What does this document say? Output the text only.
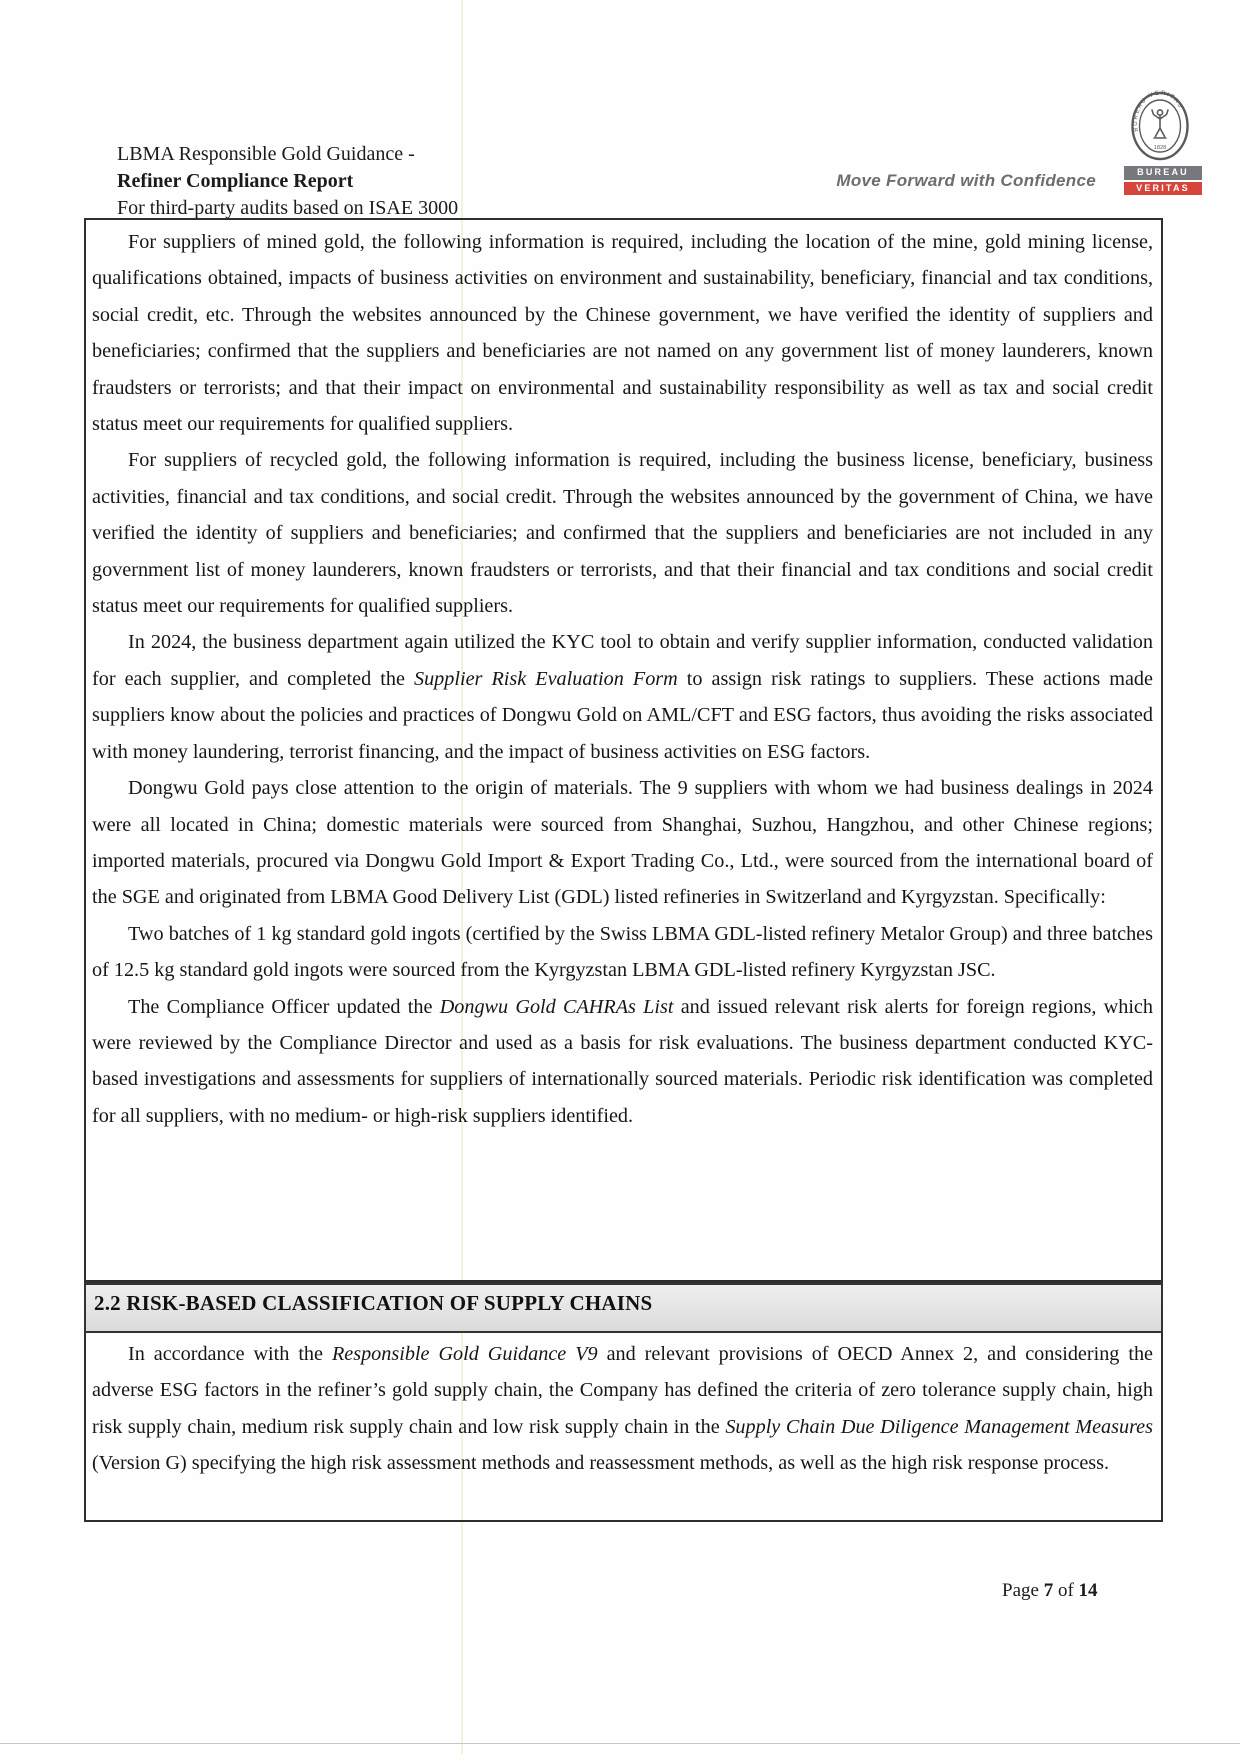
LBMA Responsible Gold Guidance -
Refiner Compliance Report
For third-party audits based on ISAE 3000
Move Forward with Confidence
BUREAU VERITAS
1828
BUREAU
VERITAS

For suppliers of mined gold, the following information is required, including the location of the mine, gold mining license, qualifications obtained, impacts of business activities on environment and sustainability, beneficiary, financial and tax conditions, social credit, etc. Through the websites announced by the Chinese government, we have verified the identity of suppliers and beneficiaries; confirmed that the suppliers and beneficiaries are not named on any government list of money launderers, known fraudsters or terrorists; and that their impact on environmental and sustainability responsibility as well as tax and social credit status meet our requirements for qualified suppliers.

For suppliers of recycled gold, the following information is required, including the business license, beneficiary, business activities, financial and tax conditions, and social credit. Through the websites announced by the government of China, we have verified the identity of suppliers and beneficiaries; and confirmed that the suppliers and beneficiaries are not included in any government list of money launderers, known fraudsters or terrorists, and that their financial and tax conditions and social credit status meet our requirements for qualified suppliers.

In 2024, the business department again utilized the KYC tool to obtain and verify supplier information, conducted validation for each supplier, and completed the Supplier Risk Evaluation Form to assign risk ratings to suppliers. These actions made suppliers know about the policies and practices of Dongwu Gold on AML/CFT and ESG factors, thus avoiding the risks associated with money laundering, terrorist financing, and the impact of business activities on ESG factors.

Dongwu Gold pays close attention to the origin of materials. The 9 suppliers with whom we had business dealings in 2024 were all located in China; domestic materials were sourced from Shanghai, Suzhou, Hangzhou, and other Chinese regions; imported materials, procured via Dongwu Gold Import & Export Trading Co., Ltd., were sourced from the international board of the SGE and originated from LBMA Good Delivery List (GDL) listed refineries in Switzerland and Kyrgyzstan. Specifically:

Two batches of 1 kg standard gold ingots (certified by the Swiss LBMA GDL-listed refinery Metalor Group) and three batches of 12.5 kg standard gold ingots were sourced from the Kyrgyzstan LBMA GDL-listed refinery Kyrgyzstan JSC.

The Compliance Officer updated the Dongwu Gold CAHRAs List and issued relevant risk alerts for foreign regions, which were reviewed by the Compliance Director and used as a basis for risk evaluations. The business department conducted KYC-based investigations and assessments for suppliers of internationally sourced materials. Periodic risk identification was completed for all suppliers, with no medium- or high-risk suppliers identified.

2.2 RISK-BASED CLASSIFICATION OF SUPPLY CHAINS

In accordance with the Responsible Gold Guidance V9 and relevant provisions of OECD Annex 2, and considering the adverse ESG factors in the refiner’s gold supply chain, the Company has defined the criteria of zero tolerance supply chain, high risk supply chain, medium risk supply chain and low risk supply chain in the Supply Chain Due Diligence Management Measures (Version G) specifying the high risk assessment methods and reassessment methods, as well as the high risk response process.

Page 7 of 14
